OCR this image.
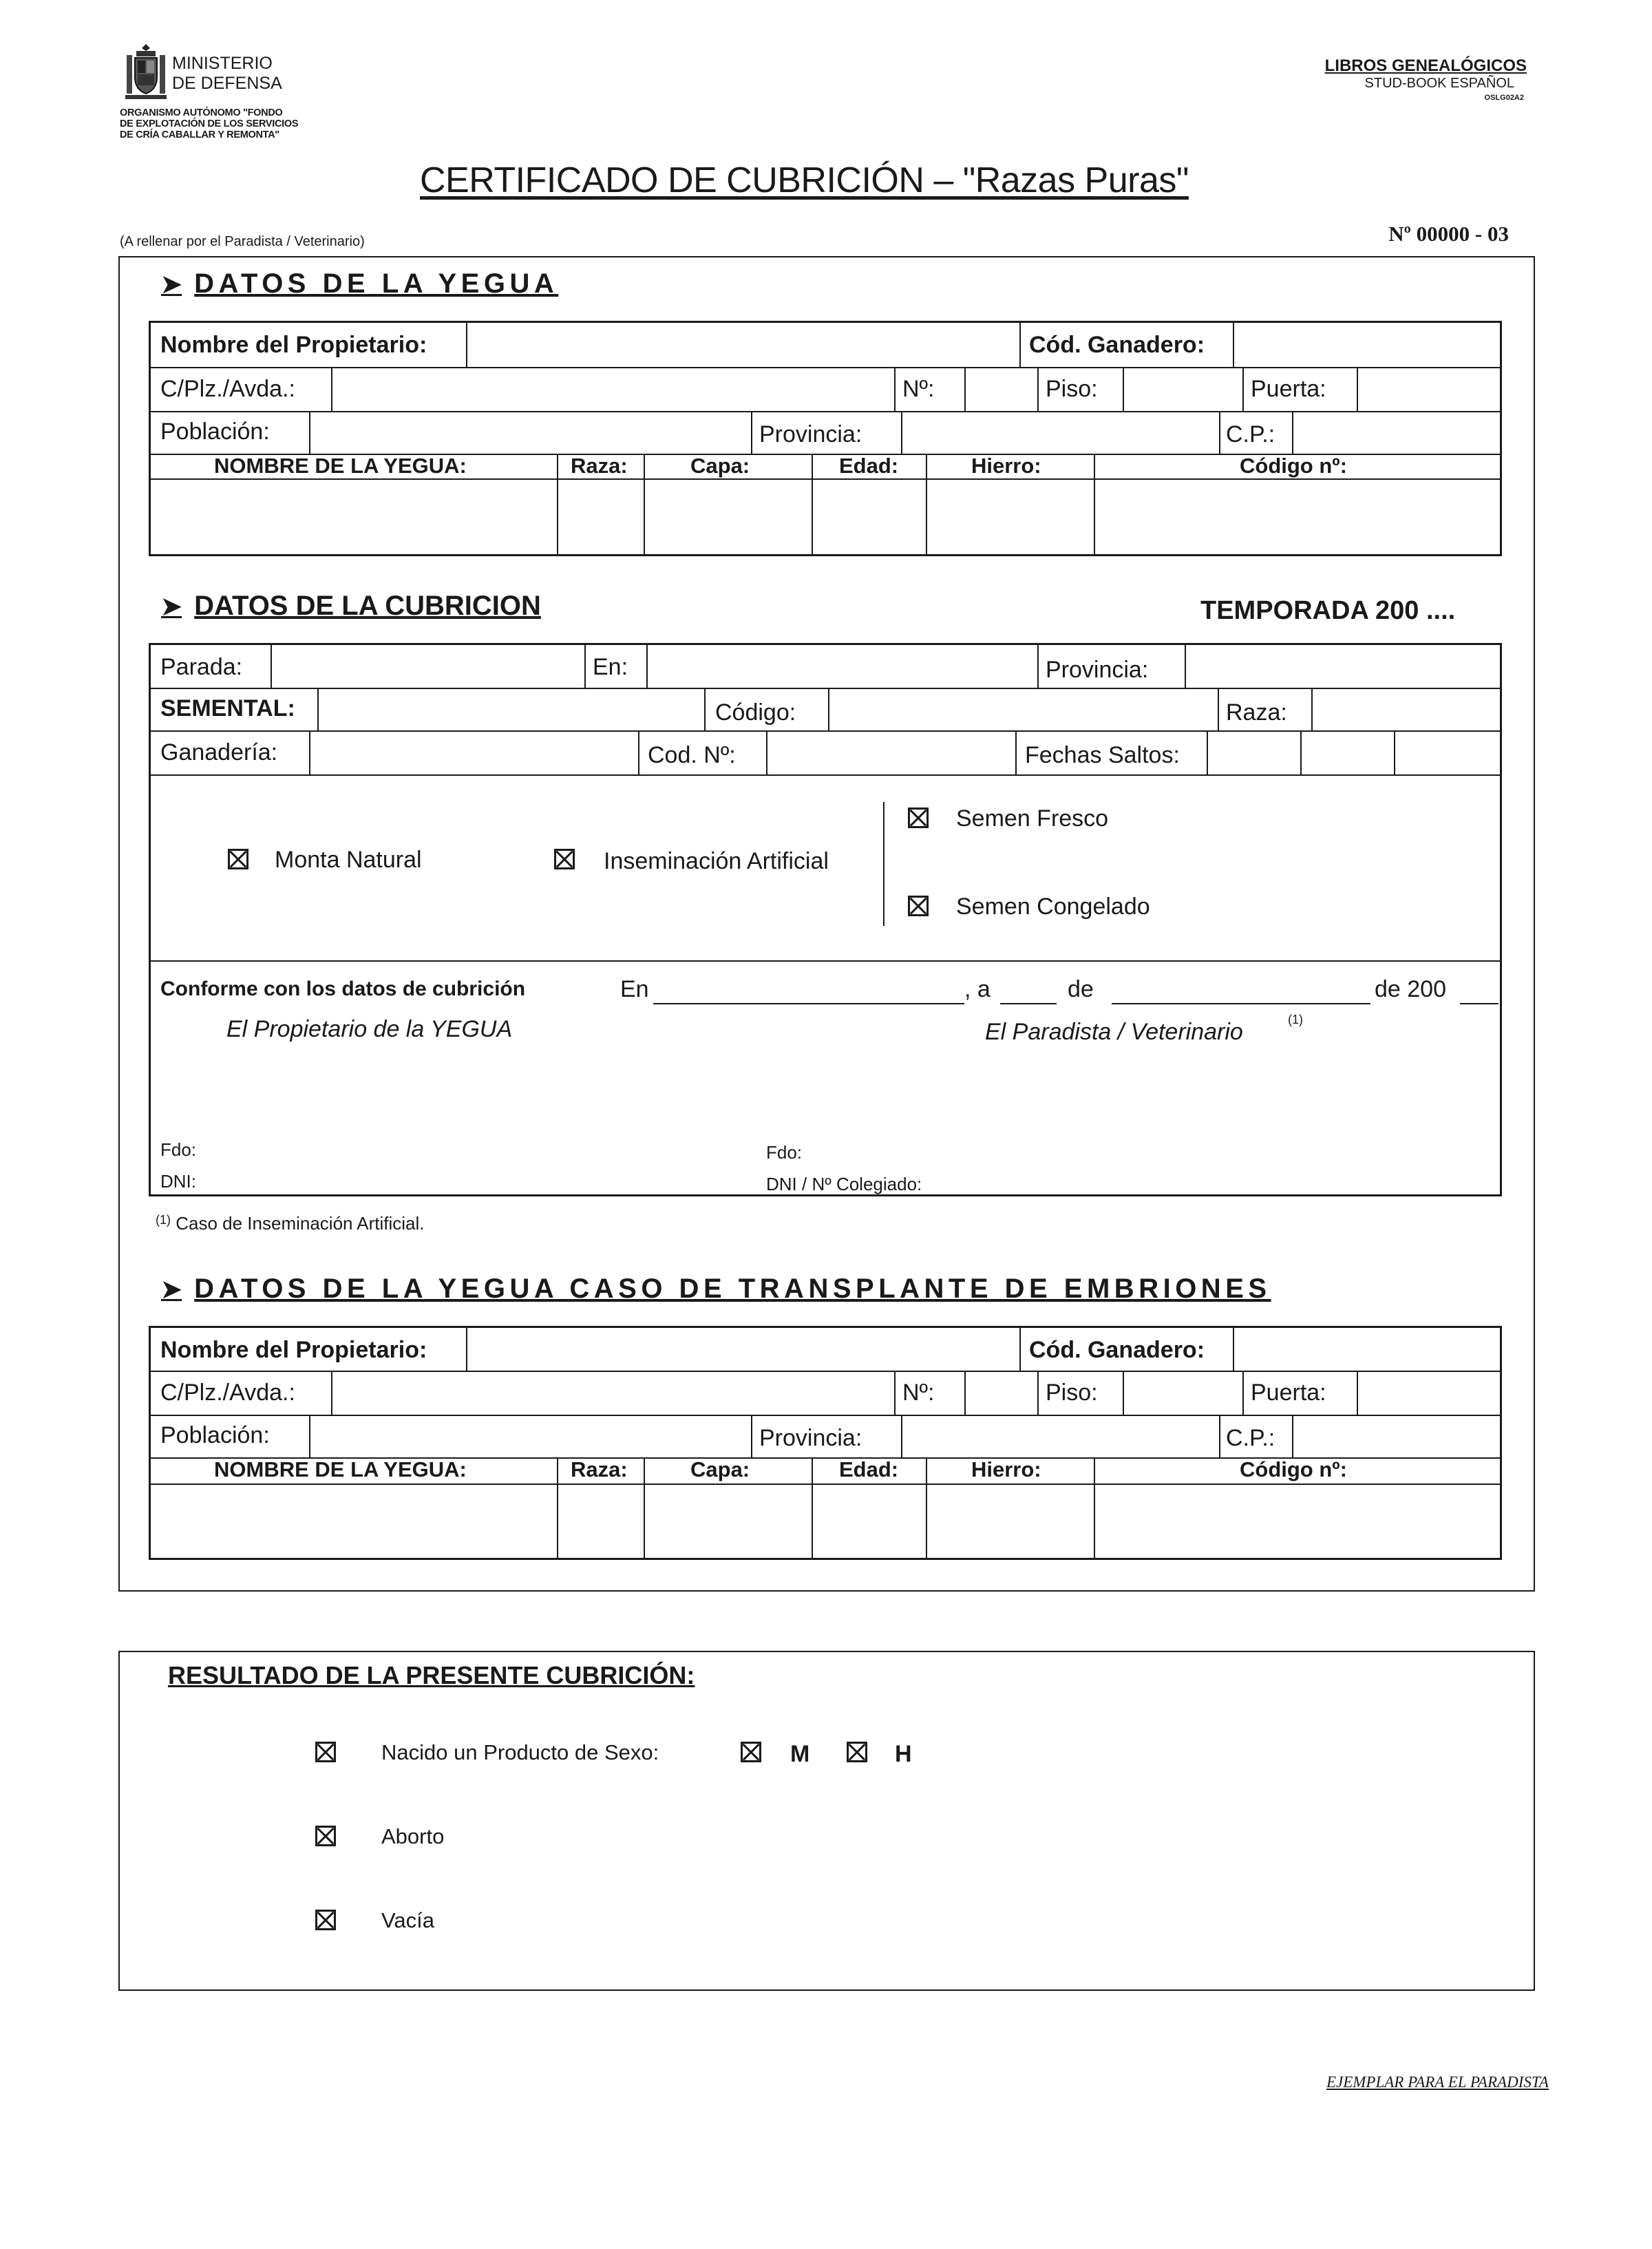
MINISTERIO
DE DEFENSA
ORGANISMO AUTÓNOMO "FONDO
DE EXPLOTACIÓN DE LOS SERVICIOS
DE CRÍA CABALLAR Y REMONTA"
LIBROS GENEALÓGICOS
STUD-BOOK ESPAÑOL
OSLG02A2
CERTIFICADO DE CUBRICIÓN – "Razas Puras"
(A rellenar por el Paradista / Veterinario)	Nº 00000 - 03
➤ DATOS DE LA YEGUA
Nombre del Propietario:	Cód. Ganadero:
C/Plz./Avda.:	Nº:	Piso:	Puerta:
Población:	Provincia:	C.P.:
NOMBRE DE LA YEGUA:	Raza:	Capa:	Edad:	Hierro:	Código nº:
➤ DATOS DE LA CUBRICION	TEMPORADA 200 ....
Parada:	En:	Provincia:
SEMENTAL:	Código:	Raza:
Ganadería:	Cod. Nº:	Fechas Saltos:
Monta Natural	Inseminación Artificial
Semen Fresco
Semen Congelado
Conforme con los datos de cubrición	En	, a	de	de 200
El Propietario de la YEGUA	El Paradista / Veterinario	(1)
Fdo:
DNI:
Fdo:
DNI / Nº Colegiado:
$^{(1)}$ Caso de Inseminación Artificial.
➤ DATOS DE LA YEGUA CASO DE TRANSPLANTE DE EMBRIONES
Nombre del Propietario:	Cód. Ganadero:
C/Plz./Avda.:	Nº:	Piso:	Puerta:
Población:	Provincia:	C.P.:
NOMBRE DE LA YEGUA:	Raza:	Capa:	Edad:	Hierro:	Código nº:
RESULTADO DE LA PRESENTE CUBRICIÓN:
Nacido un Producto de Sexo:	M	H
Aborto
Vacía
EJEMPLAR PARA EL PARADISTA
